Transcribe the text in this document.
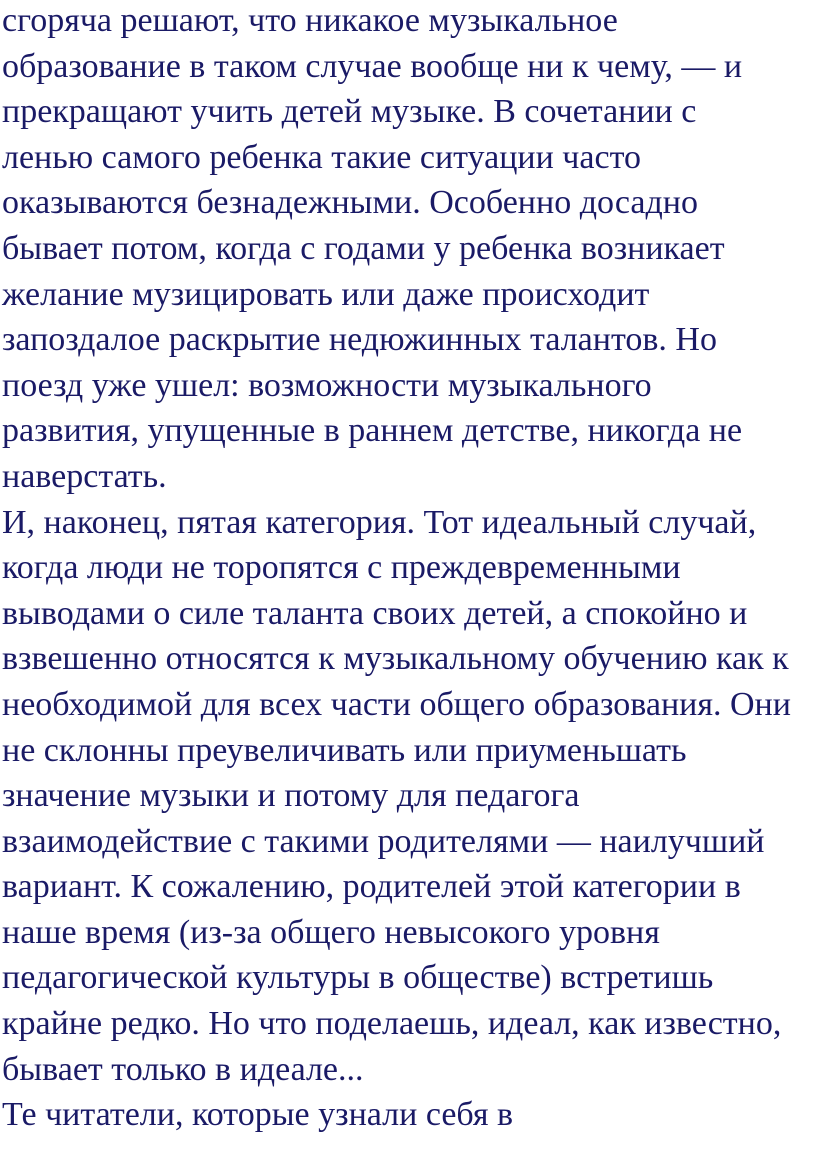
сгоряча решают, что никакое музыкальное
образование в таком случае вообще ни к чему, — и
прекращают учить детей музыке. В сочетании с
ленью самого ребенка такие ситуации часто
оказываются безнадежными. Особенно досадно
бывает потом, когда с годами у ребенка возникает
желание музицировать или даже происходит
запоздалое раскрытие недюжинных талантов. Но
поезд уже ушел: возможности музыкального
развития, упущенные в раннем детстве, никогда не
наверстать.
И, наконец, пятая категория. Тот идеальный случай,
когда люди не торопятся с преждевременными
выводами о силе таланта своих детей, а спокойно и
взвешенно относятся к музыкальному обучению как к
необходимой для всех части общего образования. Они
не склонны преувеличивать или приуменьшать
значение музыки и потому для педагога
взаимодействие с такими родителями — наилучший
вариант. К сожалению, родителей этой категории в
наше время (из-за общего невысокого уровня
педагогической культуры в обществе) встретишь
крайне редко. Но что поделаешь, идеал, как известно,
бывает только в идеале...
Те читатели, которые узнали себя в
